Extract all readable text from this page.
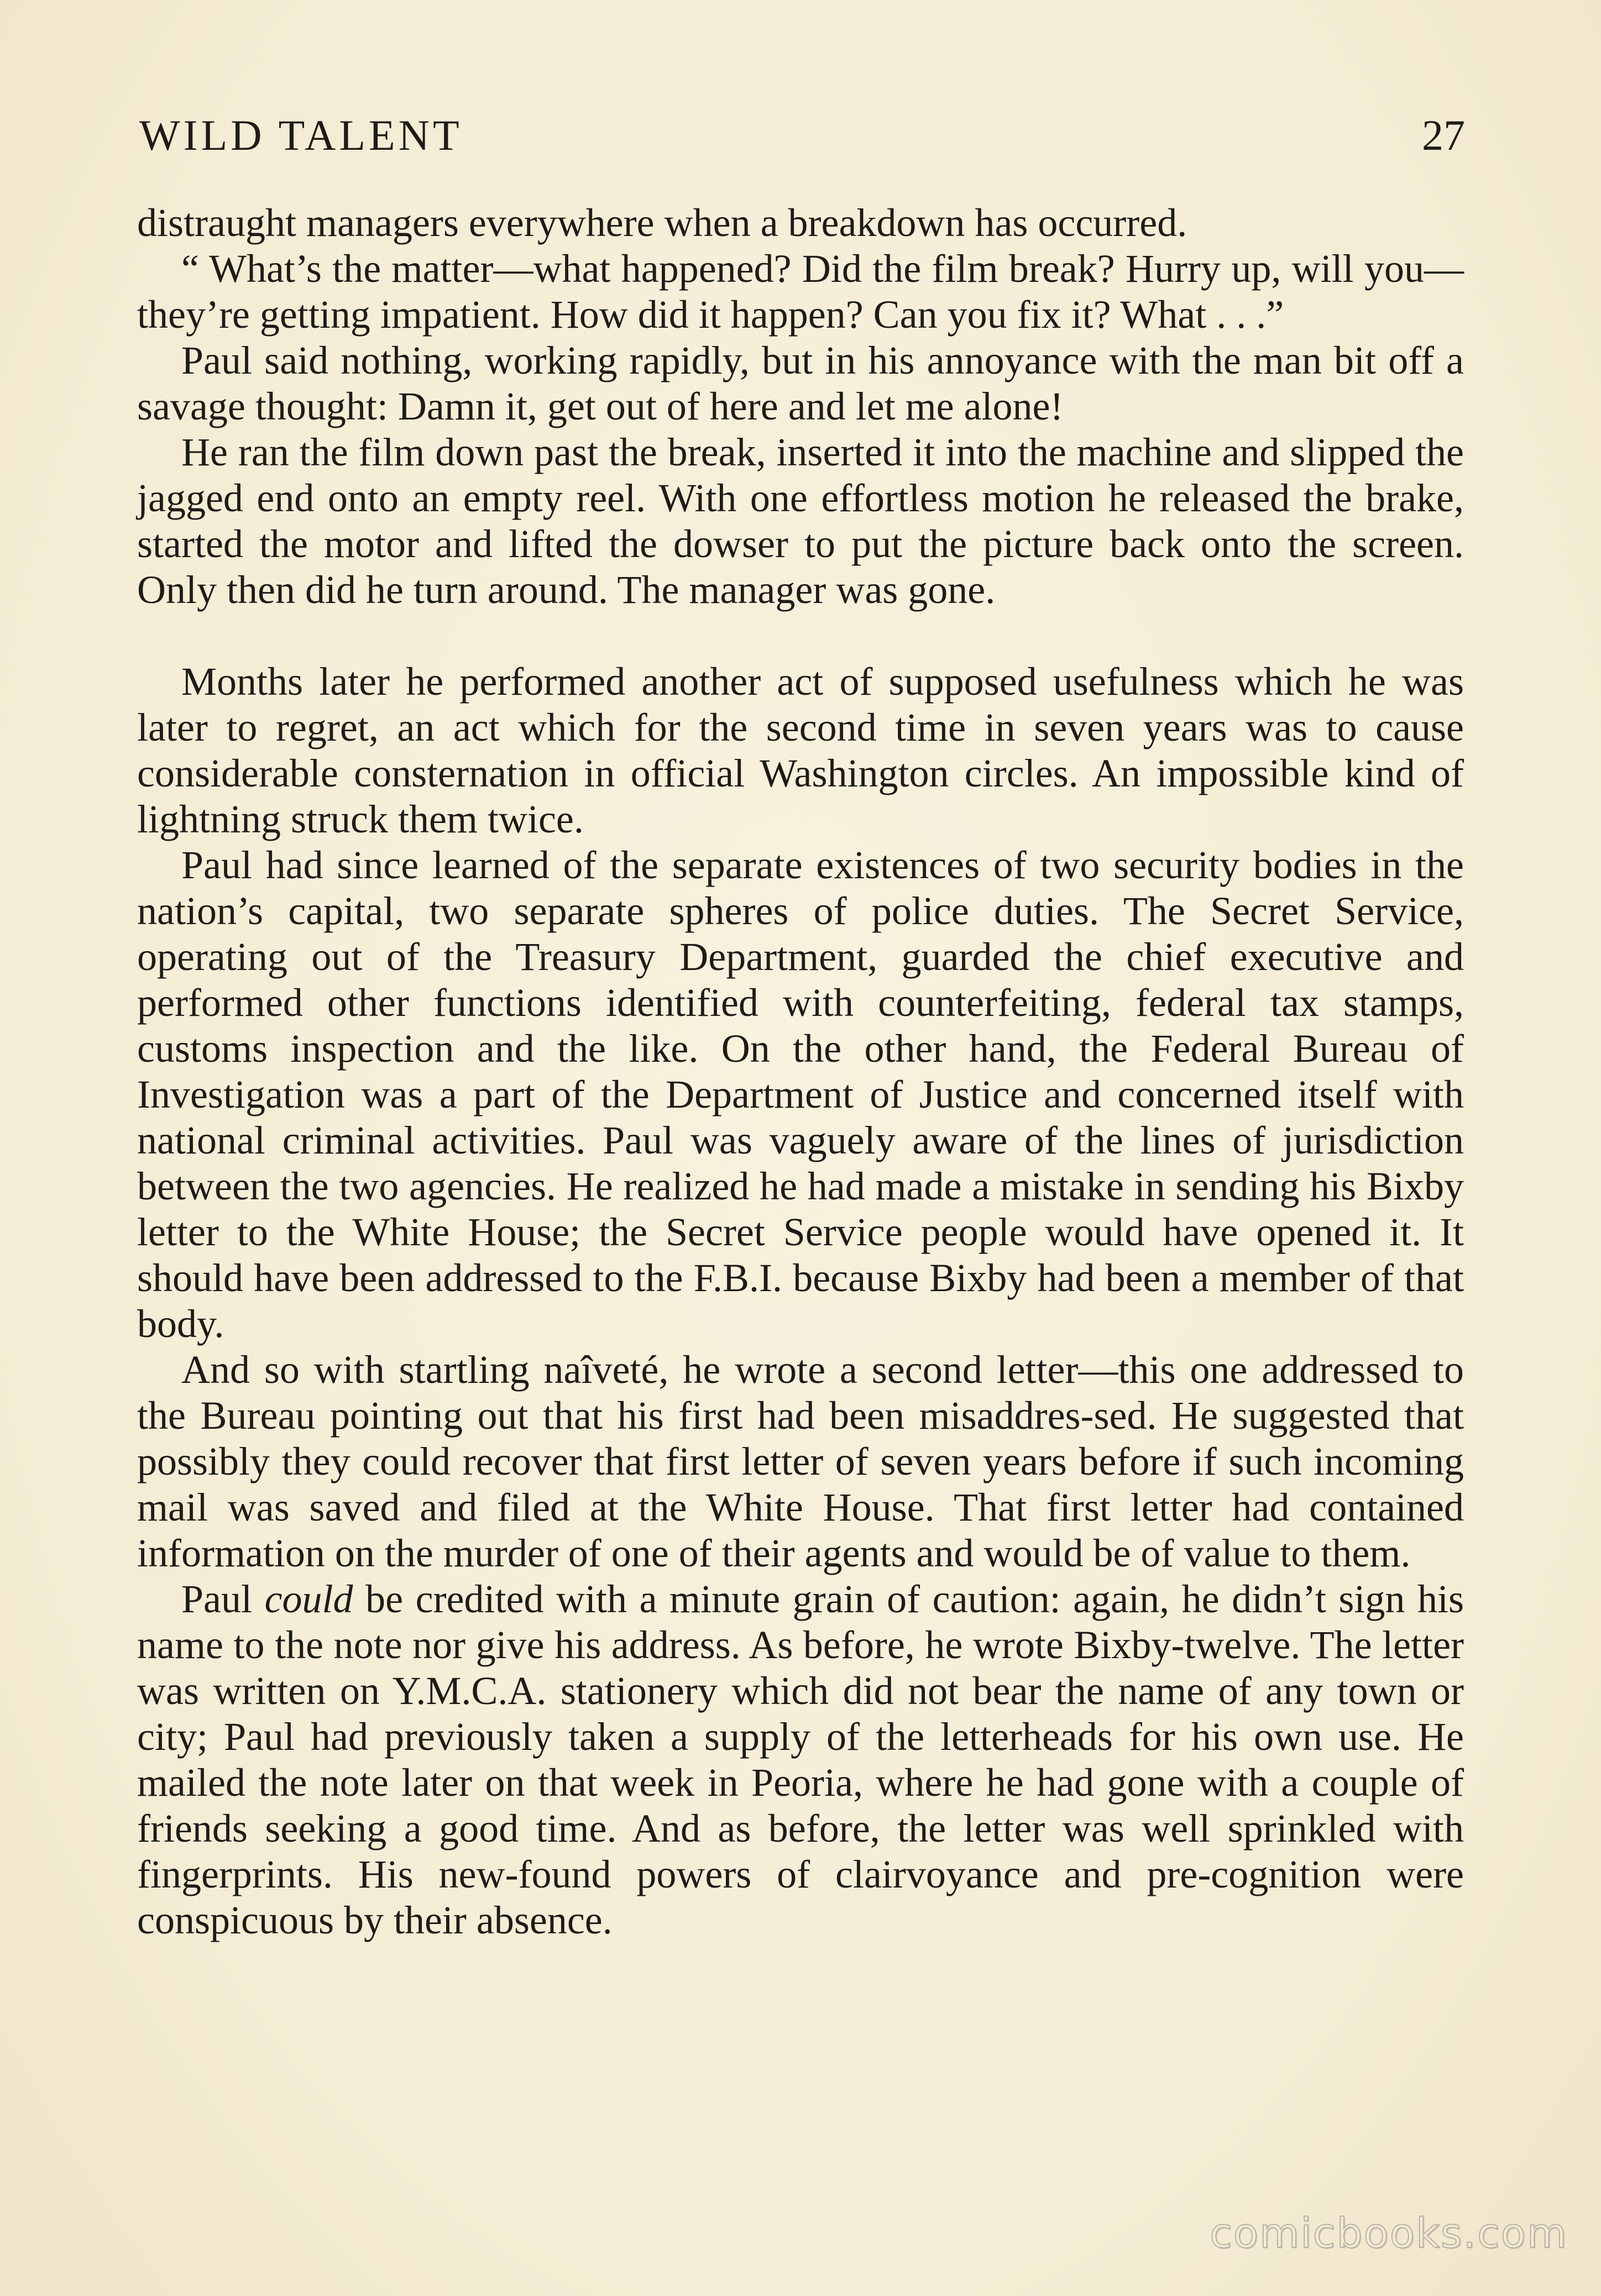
WILD TALENT	27

distraught managers everywhere when a breakdown has occurred.

“ What’s the matter—what happened? Did the film break? Hurry up, will you—they’re getting impatient. How did it happen? Can you fix it? What . . .”

Paul said nothing, working rapidly, but in his annoyance with the man bit off a savage thought: Damn it, get out of here and let me alone!

He ran the film down past the break, inserted it into the machine and slipped the jagged end onto an empty reel. With one effortless motion he released the brake, started the motor and lifted the dowser to put the picture back onto the screen. Only then did he turn around. The manager was gone.

Months later he performed another act of supposed usefulness which he was later to regret, an act which for the second time in seven years was to cause considerable consternation in official Washington circles. An impossible kind of lightning struck them twice.

Paul had since learned of the separate existences of two security bodies in the nation’s capital, two separate spheres of police duties. The Secret Service, operating out of the Treasury Department, guarded the chief executive and performed other functions identified with counterfeiting, federal tax stamps, customs inspection and the like. On the other hand, the Federal Bureau of Investigation was a part of the Department of Justice and concerned itself with national criminal activities. Paul was vaguely aware of the lines of jurisdiction between the two agencies. He realized he had made a mistake in sending his Bixby letter to the White House; the Secret Service people would have opened it. It should have been addressed to the F.B.I. because Bixby had been a member of that body.

And so with startling naîveté, he wrote a second letter—this one addressed to the Bureau pointing out that his first had been misaddres-sed. He suggested that possibly they could recover that first letter of seven years before if such incoming mail was saved and filed at the White House. That first letter had contained information on the murder of one of their agents and would be of value to them.

Paul could be credited with a minute grain of caution: again, he didn’t sign his name to the note nor give his address. As before, he wrote Bixby-twelve. The letter was written on Y.M.C.A. stationery which did not bear the name of any town or city; Paul had previously taken a supply of the letterheads for his own use. He mailed the note later on that week in Peoria, where he had gone with a couple of friends seeking a good time. And as before, the letter was well sprinkled with fingerprints. His new-found powers of clairvoyance and pre-cognition were conspicuous by their absence.

comicbooks.com
